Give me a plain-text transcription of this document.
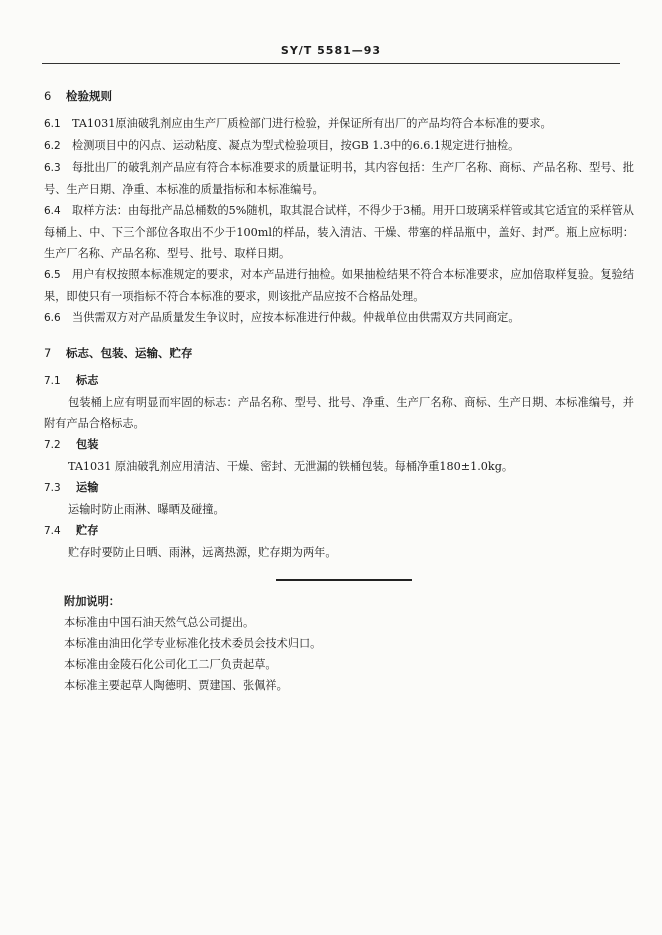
SY/T 5581—93

6 检验规则

6.1 TA1031原油破乳剂应由生产厂质检部门进行检验，并保证所有出厂的产品均符合本标准的要求。

6.2 检测项目中的闪点、运动粘度、凝点为型式检验项目，按GB 1.3中的6.6.1规定进行抽检。

6.3 每批出厂的破乳剂产品应有符合本标准要求的质量证明书，其内容包括：生产厂名称、商标、产品名称、型号、批号、生产日期、净重、本标准的质量指标和本标准编号。

6.4 取样方法：由每批产品总桶数的5%随机，取其混合试样，不得少于3桶。用开口玻璃采样管或其它适宜的采样管从每桶上、中、下三个部位各取出不少于100ml的样品，装入清洁、干燥、带塞的样品瓶中，盖好、封严。瓶上应标明：生产厂名称、产品名称、型号、批号、取样日期。

6.5 用户有权按照本标准规定的要求，对本产品进行抽检。如果抽检结果不符合本标准要求，应加倍取样复验。复验结果，即使只有一项指标不符合本标准的要求，则该批产品应按不合格品处理。

6.6 当供需双方对产品质量发生争议时，应按本标准进行仲裁。仲裁单位由供需双方共同商定。

7 标志、包装、运输、贮存

7.1 标志

包装桶上应有明显而牢固的标志：产品名称、型号、批号、净重、生产厂名称、商标、生产日期、本标准编号，并附有产品合格标志。

7.2 包装

TA1031 原油破乳剂应用清洁、干燥、密封、无泄漏的铁桶包装。每桶净重180±1.0kg。

7.3 运输

运输时防止雨淋、曝晒及碰撞。

7.4 贮存

贮存时要防止日晒、雨淋，远离热源，贮存期为两年。

附加说明：

本标准由中国石油天然气总公司提出。

本标准由油田化学专业标准化技术委员会技术归口。

本标准由金陵石化公司化工二厂负责起草。

本标准主要起草人陶德明、贾建国、张佩祥。
